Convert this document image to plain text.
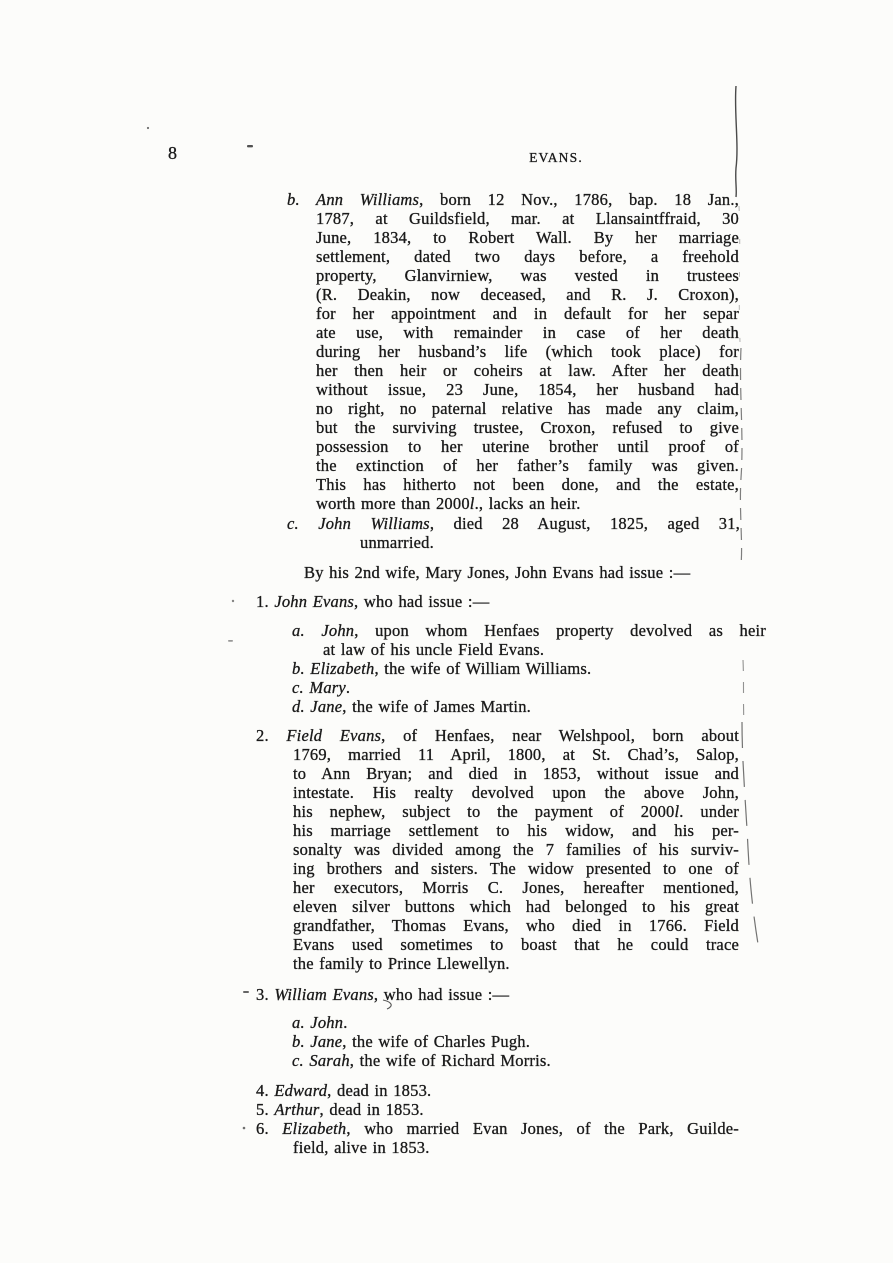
8	EVANS.
b. Ann Williams, born 12 Nov., 1786, bap. 18 Jan.,
1787, at Guildsfield, mar. at Llansaintffraid, 30
June, 1834, to Robert Wall. By her marriage
settlement, dated two days before, a freehold
property, Glanvirniew, was vested in trustees
(R. Deakin, now deceased, and R. J. Croxon),
for her appointment and in default for her separ
ate use, with remainder in case of her death
during her husband’s life (which took place) for
her then heir or coheirs at law. After her death
without issue, 23 June, 1854, her husband had
no right, no paternal relative has made any claim,
but the surviving trustee, Croxon, refused to give
possession to her uterine brother until proof of
the extinction of her father’s family was given.
This has hitherto not been done, and the estate,
worth more than 2000l., lacks an heir.
c. John Williams, died 28 August, 1825, aged 31,
unmarried.
By his 2nd wife, Mary Jones, John Evans had issue :—
1. John Evans, who had issue :—
a. John, upon whom Henfaes property devolved as heir
at law of his uncle Field Evans.
b. Elizabeth, the wife of William Williams.
c. Mary.
d. Jane, the wife of James Martin.
2. Field Evans, of Henfaes, near Welshpool, born about
1769, married 11 April, 1800, at St. Chad’s, Salop,
to Ann Bryan; and died in 1853, without issue and
intestate. His realty devolved upon the above John,
his nephew, subject to the payment of 2000l. under
his marriage settlement to his widow, and his per-
sonalty was divided among the 7 families of his surviv-
ing brothers and sisters. The widow presented to one of
her executors, Morris C. Jones, hereafter mentioned,
eleven silver buttons which had belonged to his great
grandfather, Thomas Evans, who died in 1766. Field
Evans used sometimes to boast that he could trace
the family to Prince Llewellyn.
3. William Evans, who had issue :—
a. John.
b. Jane, the wife of Charles Pugh.
c. Sarah, the wife of Richard Morris.
4. Edward, dead in 1853.
5. Arthur, dead in 1853.
6. Elizabeth, who married Evan Jones, of the Park, Guilde-
field, alive in 1853.
